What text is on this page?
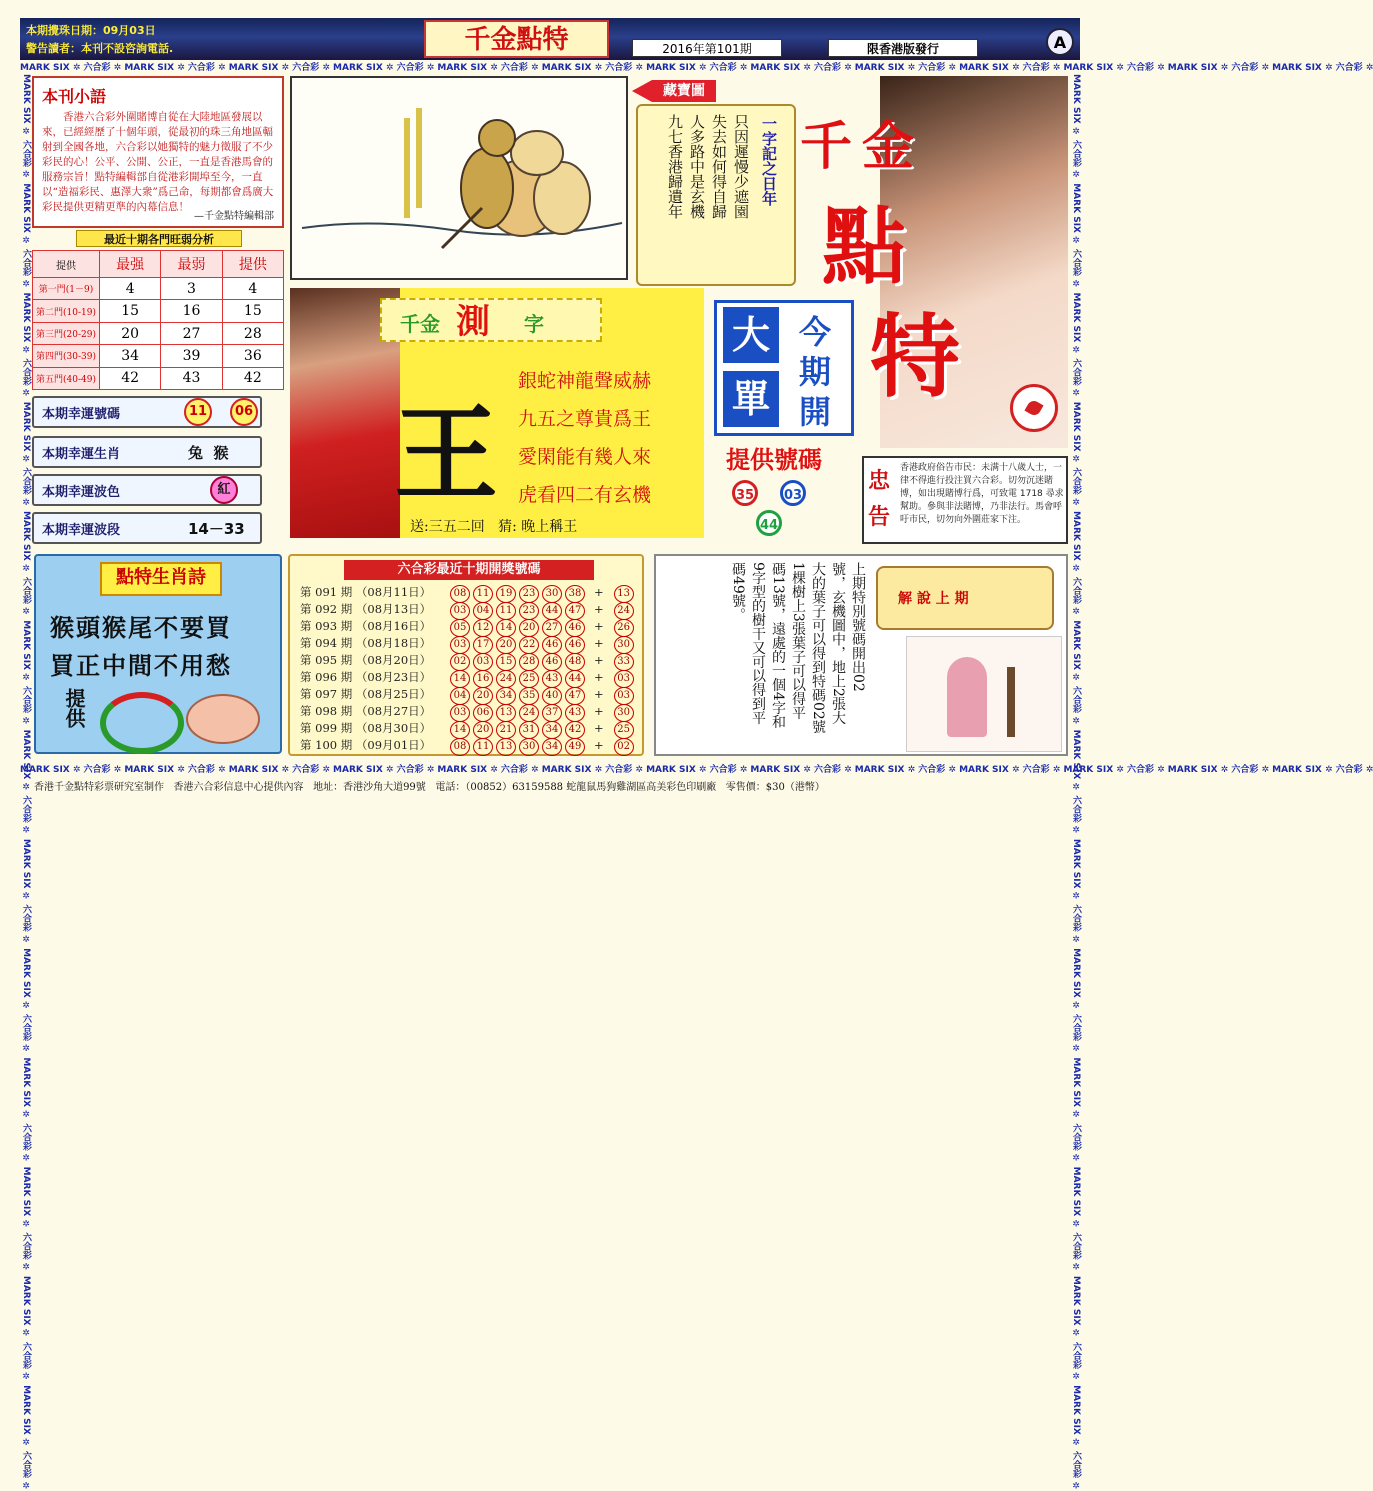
本期攪珠日期：09月03日
警告讀者：本刊不設咨詢電話.	千金點特	2016年第101期	限香港版發行	A
MARK SIX ✲ 六合彩 ✲ MARK SIX ✲ 六合彩 ✲ MARK SIX ✲ 六合彩 ✲ MARK SIX ✲ 六合彩 ✲ MARK SIX ✲ 六合彩 ✲ MARK SIX ✲ 六合彩 ✲ MARK SIX ✲ 六合彩 ✲ MARK SIX ✲ 六合彩 ✲ MARK SIX ✲ 六合彩 ✲ MARK SIX ✲ 六合彩 ✲ MARK SIX ✲ 六合彩 ✲ MARK SIX ✲ 六合彩 ✲ MARK SIX ✲ 六合彩 ✲
MARK SIX ✲ 六合彩 ✲ MARK SIX ✲ 六合彩 ✲ MARK SIX ✲ 六合彩 ✲ MARK SIX ✲ 六合彩 ✲ MARK SIX ✲ 六合彩 ✲ MARK SIX ✲ 六合彩 ✲ MARK SIX ✲ 六合彩 ✲ MARK SIX ✲ 六合彩 ✲ MARK SIX ✲ 六合彩 ✲ MARK SIX ✲ 六合彩 ✲ MARK SIX ✲ 六合彩 ✲ MARK SIX ✲ 六合彩 ✲ MARK SIX ✲ 六合彩 ✲
MARK SIX ✲ 六合彩 ✲ MARK SIX ✲ 六合彩 ✲ MARK SIX ✲ 六合彩 ✲ MARK SIX ✲ 六合彩 ✲ MARK SIX ✲ 六合彩 ✲ MARK SIX ✲ 六合彩 ✲ MARK SIX ✲ 六合彩 ✲ MARK SIX ✲ 六合彩 ✲ MARK SIX ✲ 六合彩 ✲ MARK SIX ✲ 六合彩 ✲ MARK SIX ✲ 六合彩 ✲ MARK SIX ✲ 六合彩 ✲ MARK SIX ✲ 六合彩 ✲	MARK SIX ✲ 六合彩 ✲ MARK SIX ✲ 六合彩 ✲ MARK SIX ✲ 六合彩 ✲ MARK SIX ✲ 六合彩 ✲ MARK SIX ✲ 六合彩 ✲ MARK SIX ✲ 六合彩 ✲ MARK SIX ✲ 六合彩 ✲ MARK SIX ✲ 六合彩 ✲ MARK SIX ✲ 六合彩 ✲ MARK SIX ✲ 六合彩 ✲ MARK SIX ✲ 六合彩 ✲ MARK SIX ✲ 六合彩 ✲ MARK SIX ✲ 六合彩 ✲
本刊小語
香港六合彩外圍賭博自從在大陸地區發展以來，已經經歷了十個年頭，從最初的珠三角地區輻射到全國各地，六合彩以她獨特的魅力徵服了不少彩民的心！公平、公開、公正，一直是香港馬會的服務宗旨！點特編輯部自從港彩開埠至今，一直以“造福彩民、惠澤大衆”爲己命，每期都會爲廣大彩民提供更精更準的內幕信息！
—千金點特編輯部
最近十期各門旺弱分析
提供	最强	最弱	提供
第一門(1－9)	4	3	4
第二門(10-19)	15	16	15
第三門(20-29)	20	27	28
第四門(30-39)	34	39	36
第五門(40-49)	42	43	42
本期幸運號碼	11	06
本期幸運生肖	兔  猴
本期幸運波色	紅
本期幸運波段	14－33
藏寶圖
一字記之日年
只因遲慢少遮園
失去如何得自歸
人多路中是玄機
九七香港歸遺年 千 金
點
特
大
單
今
期
開
提供號碼
35	03
44
忠
告
香港政府俗告市民：未满十八歲人士，一律不得進行投注買六合彩。切勿沉迷賭博，如出現賭博行爲，可致電 1718 尋求幫助。參與非法賭博，乃非法行。馬會呼吁市民，切勿向外圍莊家下注。
千金 測 字
王
銀蛇神龍聲威赫
九五之尊貴爲王
愛閑能有幾人來
虎看四二有玄機
送:三五二回   猜: 晚上稱王
點特生肖詩
猴頭猴尾不要買
買正中間不用愁
提供
六合彩最近十期開獎號碼
第 091 期 （08月11日） 08 11 19 23 30 38 + 13
第 092 期 （08月13日） 03 04 11 23 44 47 + 24
第 093 期 （08月16日） 05 12 14 20 27 46 + 26
第 094 期 （08月18日） 03 17 20 22 46 46 + 30
第 095 期 （08月20日） 02 03 15 28 46 48 + 33
第 096 期 （08月23日） 14 16 24 25 43 44 + 03
第 097 期 （08月25日） 04 20 34 35 40 47 + 03
第 098 期 （08月27日） 03 06 13 24 37 43 + 30
第 099 期 （08月30日） 14 20 21 31 34 42 + 25
第 100 期 （09月01日） 08 11 13 30 34 49 + 02
上期特別號碼開出02
號，玄機圖中，地上2張大
大的葉子可以得到特碼02號
1棵樹上3張葉子可以得平
碼13號，遠處的一個4字和
9字型的樹干又可以得到平
碼49號。	解 說 上 期
香港千金點特彩票研究室制作   香港六合彩信息中心提供內容   地址：香港沙角大道99號   電話：（00852）63159588 蛇龍鼠馬狗雞湖區高美彩色印刷廠   零售價：$30（港幣）
